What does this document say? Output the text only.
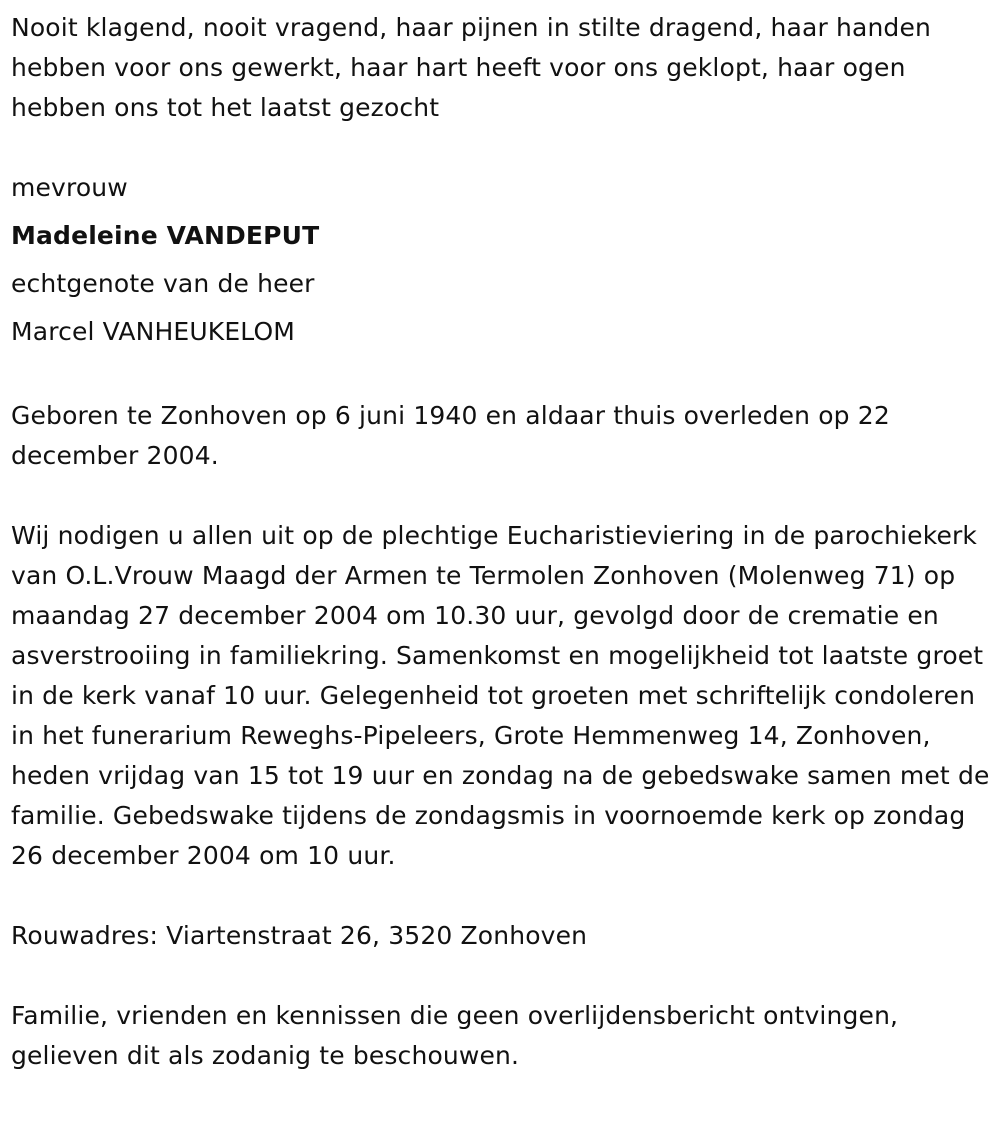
Nooit klagend, nooit vragend, haar pijnen in stilte dragend, haar handen hebben voor ons gewerkt, haar hart heeft voor ons geklopt, haar ogen hebben ons tot het laatst gezocht

mevrouw

Madeleine VANDEPUT

echtgenote van de heer

Marcel VANHEUKELOM

Geboren te Zonhoven op 6 juni 1940 en aldaar thuis overleden op 22 december 2004.

Wij nodigen u allen uit op de plechtige Eucharistieviering in de parochiekerk van O.L.Vrouw Maagd der Armen te Termolen Zonhoven (Molenweg 71) op maandag 27 december 2004 om 10.30 uur, gevolgd door de crematie en asverstrooiing in familiekring. Samenkomst en mogelijkheid tot laatste groet in de kerk vanaf 10 uur. Gelegenheid tot groeten met schriftelijk condoleren in het funerarium Reweghs-Pipeleers, Grote Hemmenweg 14, Zonhoven, heden vrijdag van 15 tot 19 uur en zondag na de gebedswake samen met de familie. Gebedswake tijdens de zondagsmis in voornoemde kerk op zondag 26 december 2004 om 10 uur.

Rouwadres: Viartenstraat 26, 3520 Zonhoven

Familie, vrienden en kennissen die geen overlijdensbericht ontvingen, gelieven dit als zodanig te beschouwen.
